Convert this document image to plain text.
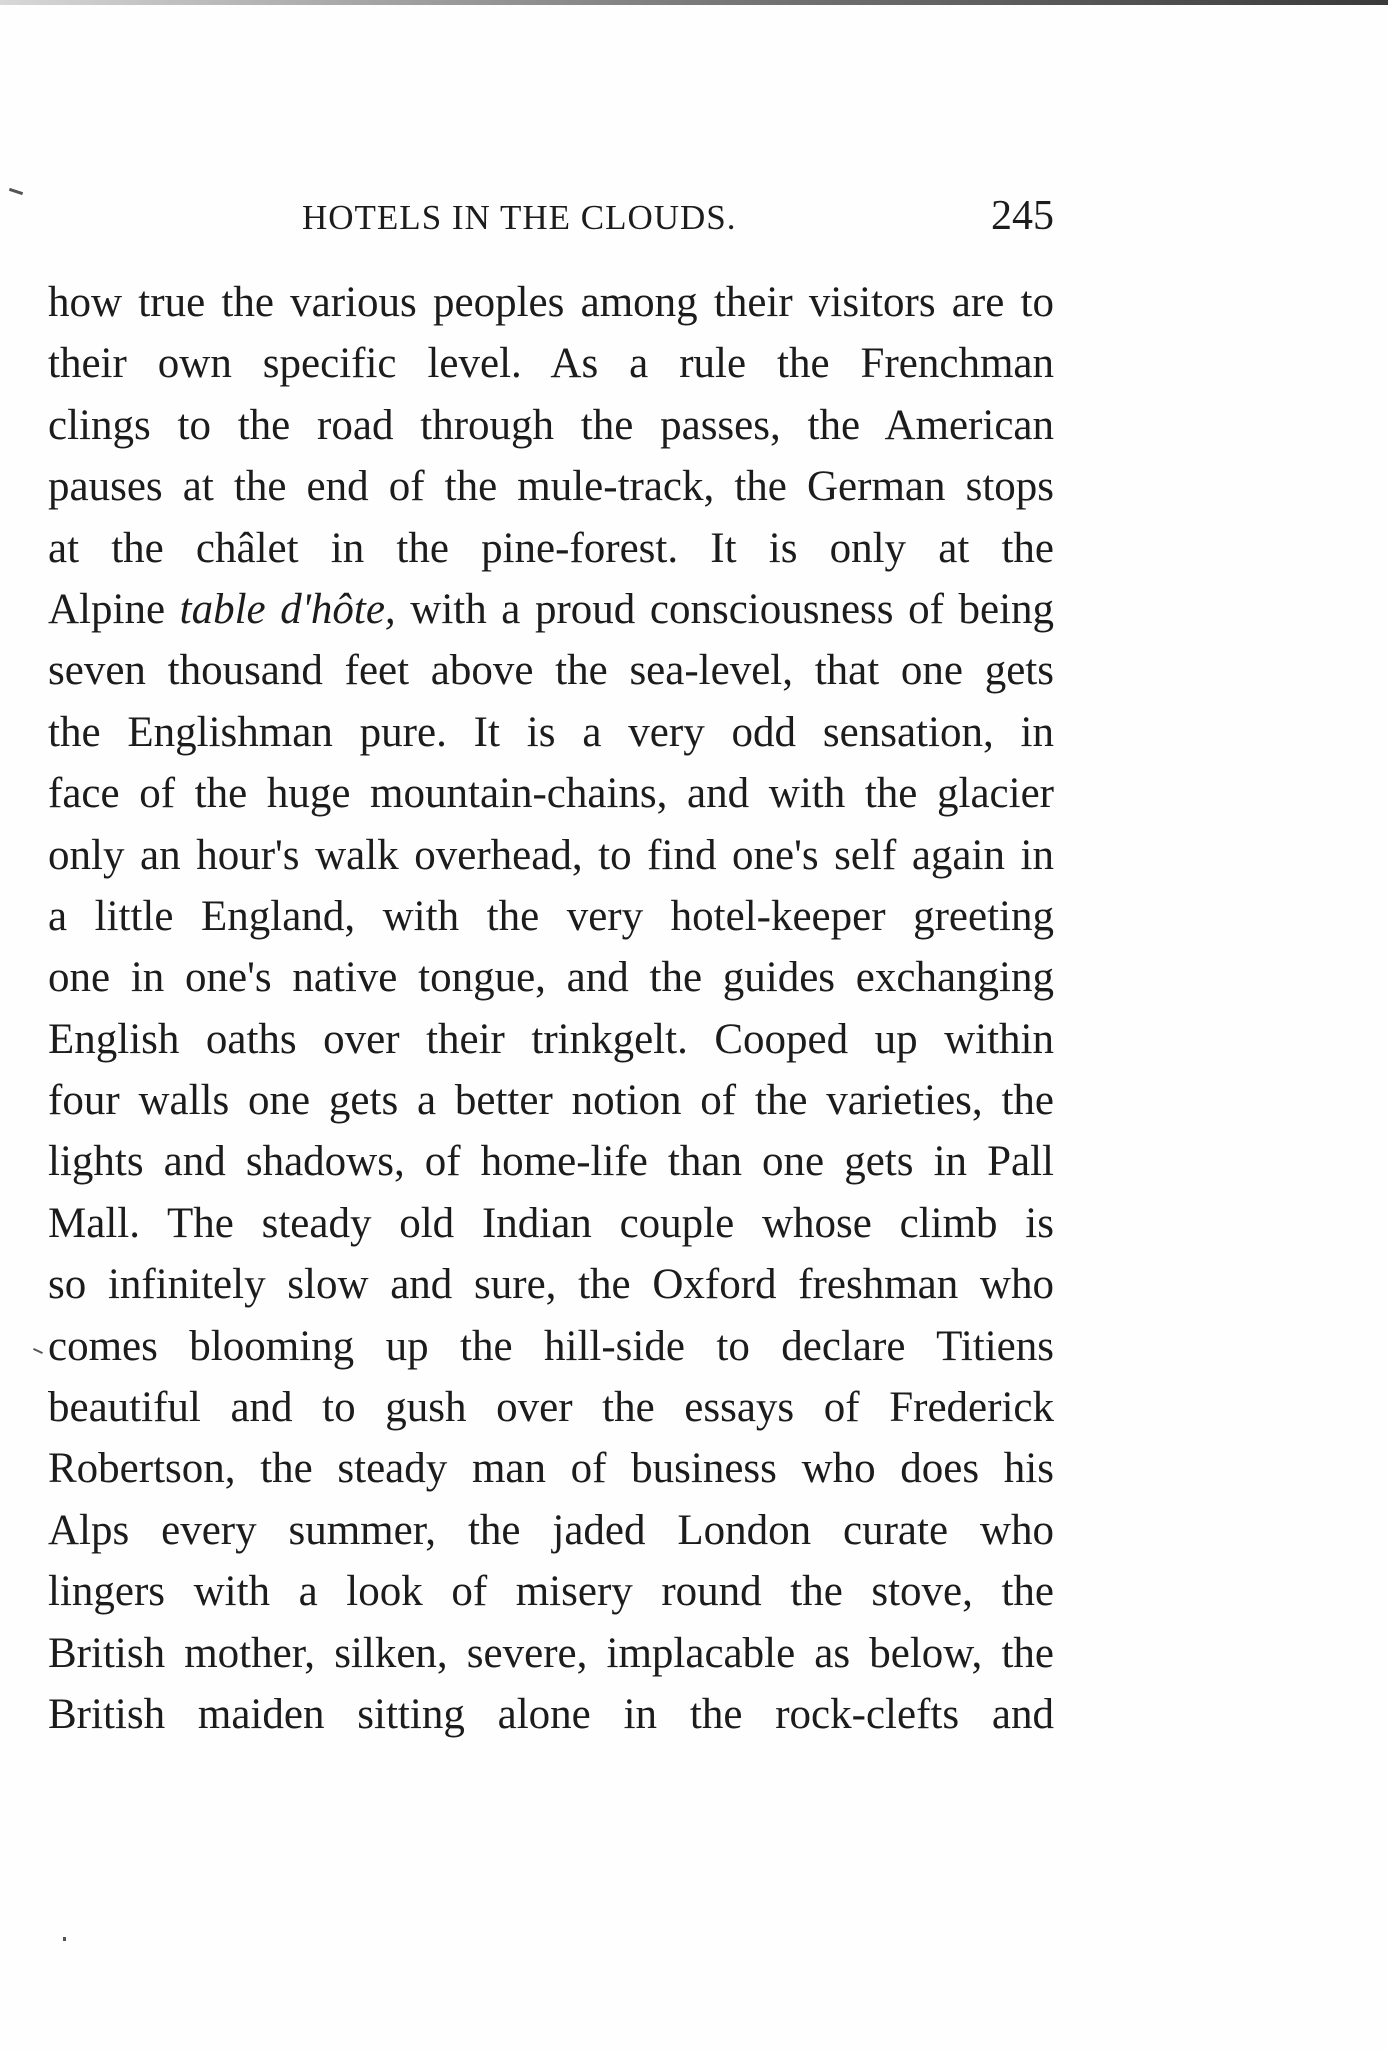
HOTELS IN THE CLOUDS.	245
how true the various peoples among their visitors are to
their own specific level. As a rule the Frenchman
clings to the road through the passes, the American
pauses at the end of the mule-track, the German stops
at the châlet in the pine-forest. It is only at the
Alpine table d'hôte, with a proud consciousness of being
seven thousand feet above the sea-level, that one gets
the Englishman pure. It is a very odd sensation, in
face of the huge mountain-chains, and with the glacier
only an hour's walk overhead, to find one's self again in
a little England, with the very hotel-keeper greeting
one in one's native tongue, and the guides exchanging
English oaths over their trinkgelt. Cooped up within
four walls one gets a better notion of the varieties, the
lights and shadows, of home-life than one gets in Pall
Mall. The steady old Indian couple whose climb is
so infinitely slow and sure, the Oxford freshman who
comes blooming up the hill-side to declare Titiens
beautiful and to gush over the essays of Frederick
Robertson, the steady man of business who does his
Alps every summer, the jaded London curate who
lingers with a look of misery round the stove, the
British mother, silken, severe, implacable as below, the
British maiden sitting alone in the rock-clefts and
